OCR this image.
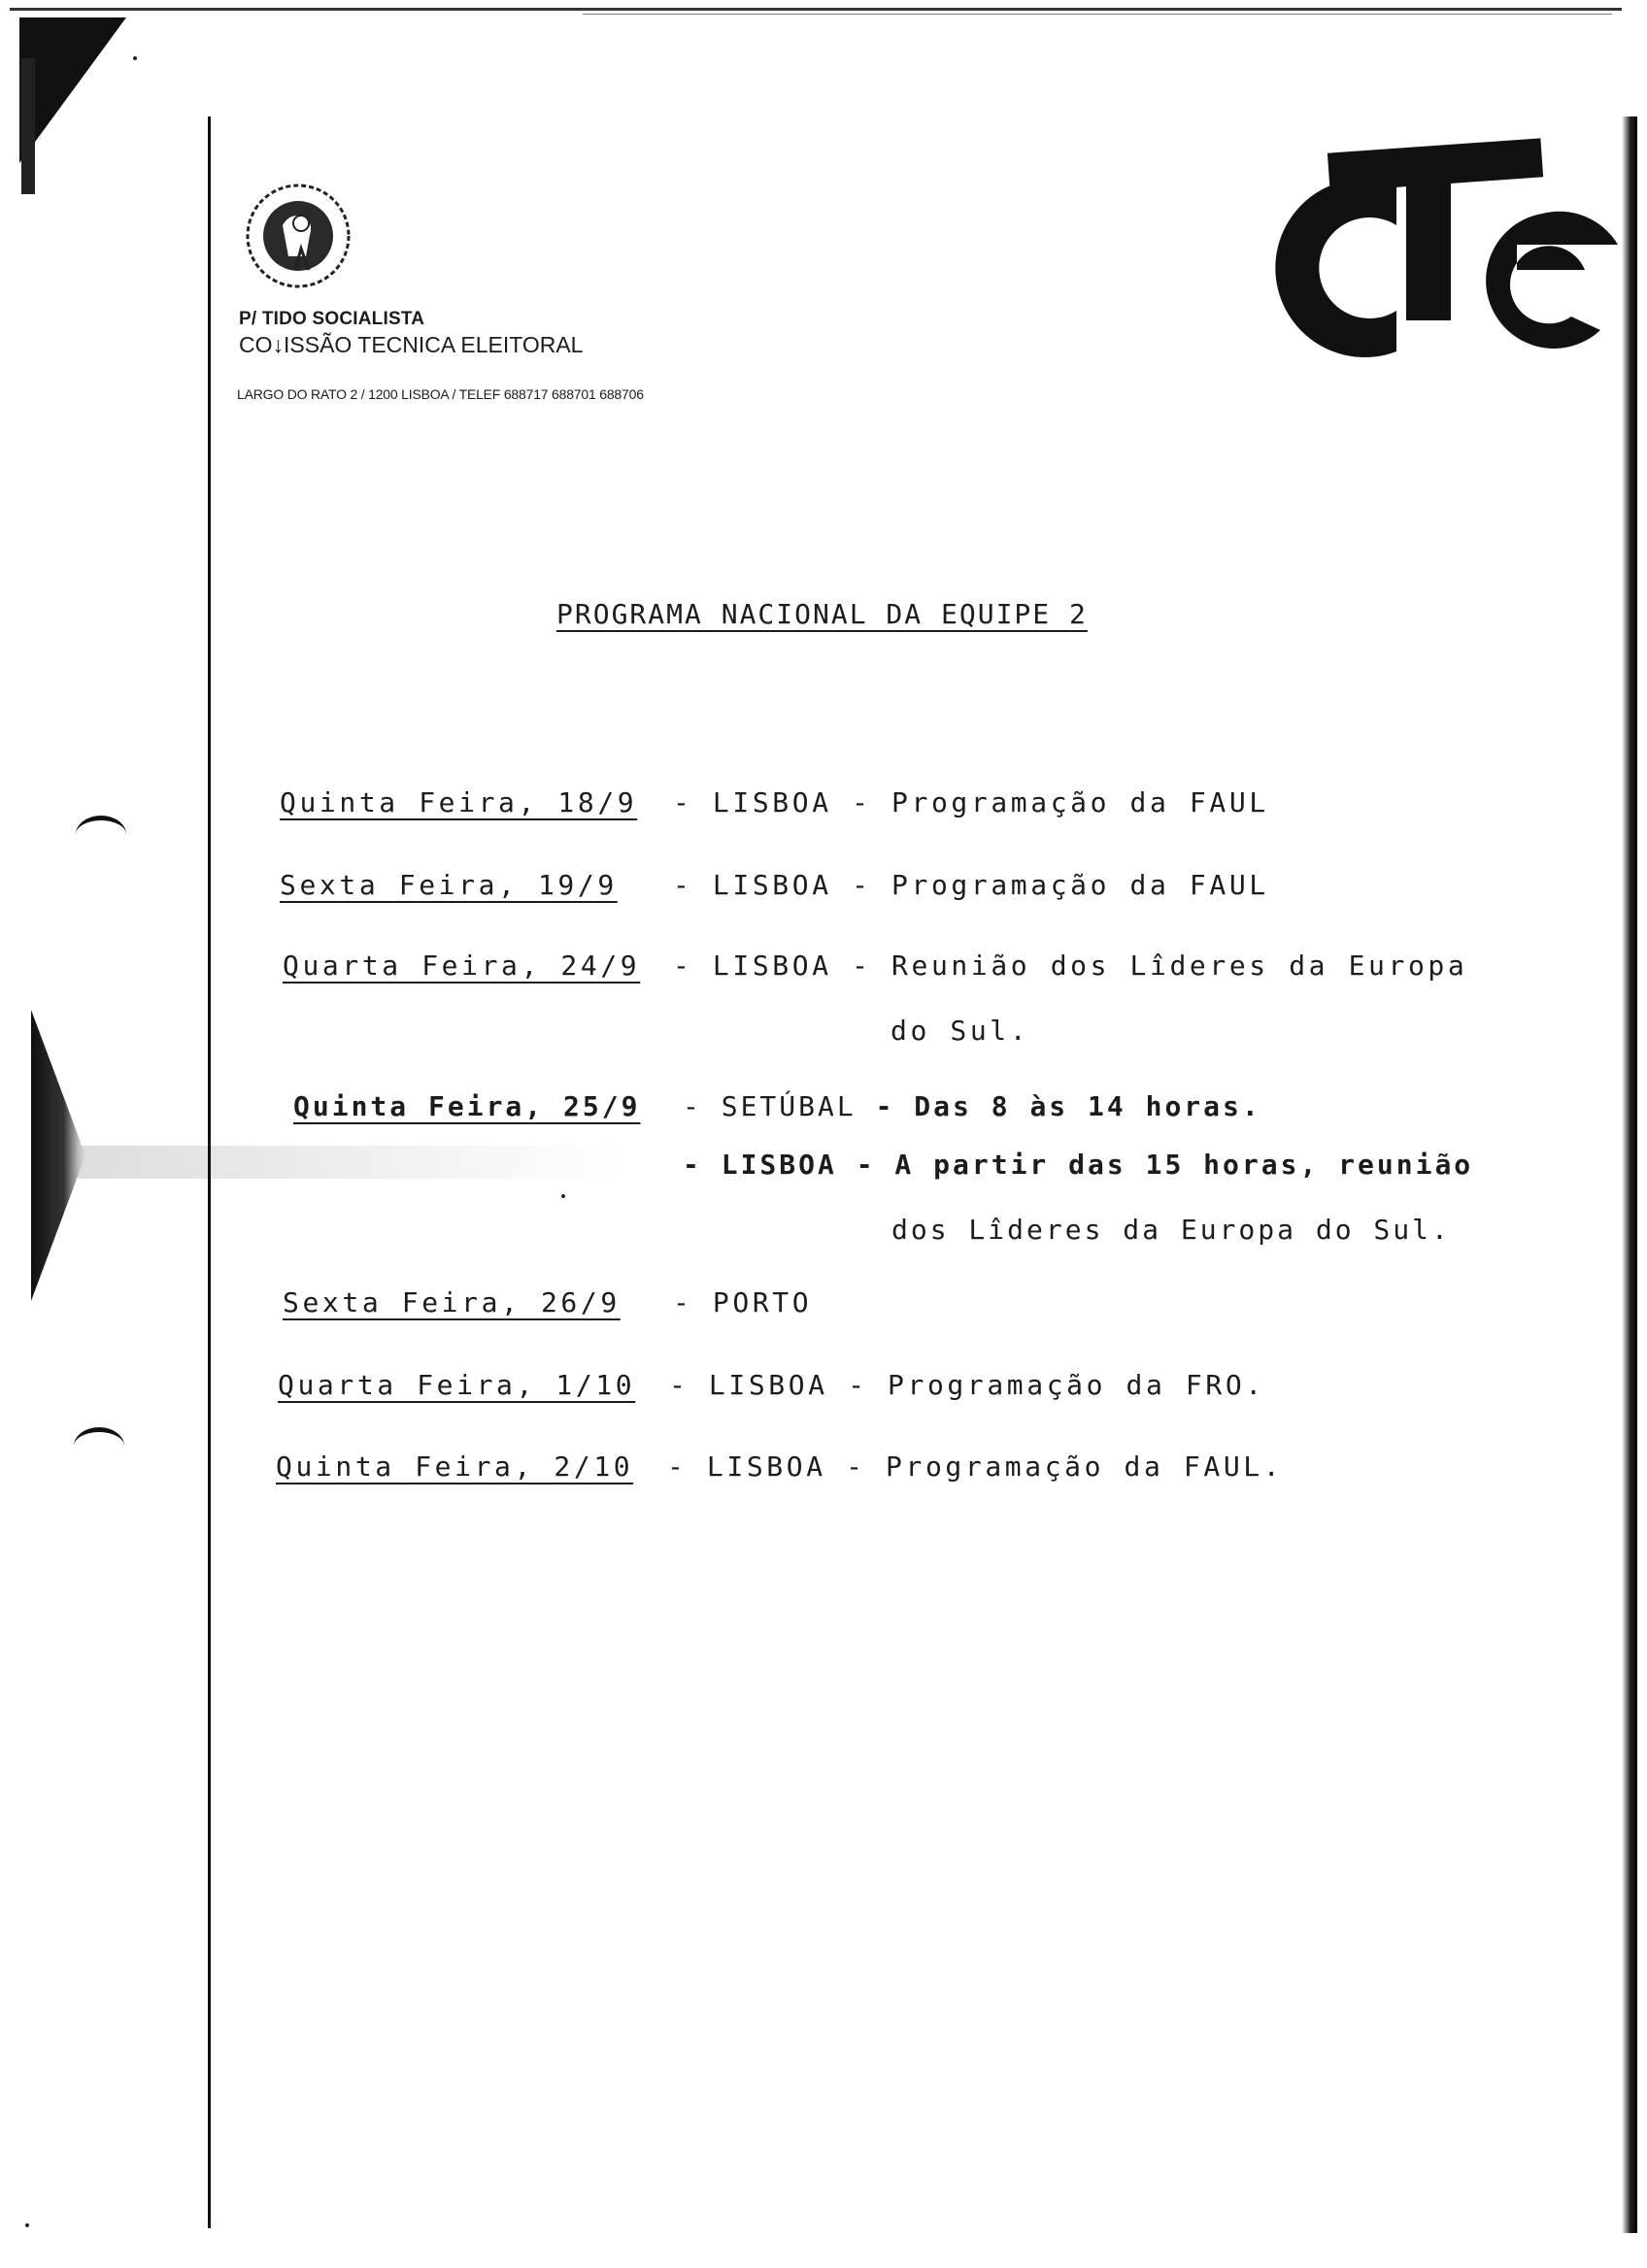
P/ TIDO SOCIALISTA
CO↓ISSÃO TECNICA ELEITORAL
LARGO DO RATO 2 / 1200 LISBOA / TELEF 688717 688701 688706
PROGRAMA NACIONAL DA EQUIPE 2
Quinta Feira, 18/9 - LISBOA - Programação da FAUL
Sexta Feira, 19/9 - LISBOA - Programação da FAUL
Quarta Feira, 24/9 - LISBOA - Reunião dos Lîderes da Europa
do Sul.
Quinta Feira, 25/9 - SETÚBAL - Das 8 às 14 horas.
- LISBOA - A partir das 15 horas, reunião
dos Lîderes da Europa do Sul.
Sexta Feira, 26/9 - PORTO
Quarta Feira, 1/10 - LISBOA - Programação da FRO.
Quinta Feira, 2/10 - LISBOA - Programação da FAUL.
